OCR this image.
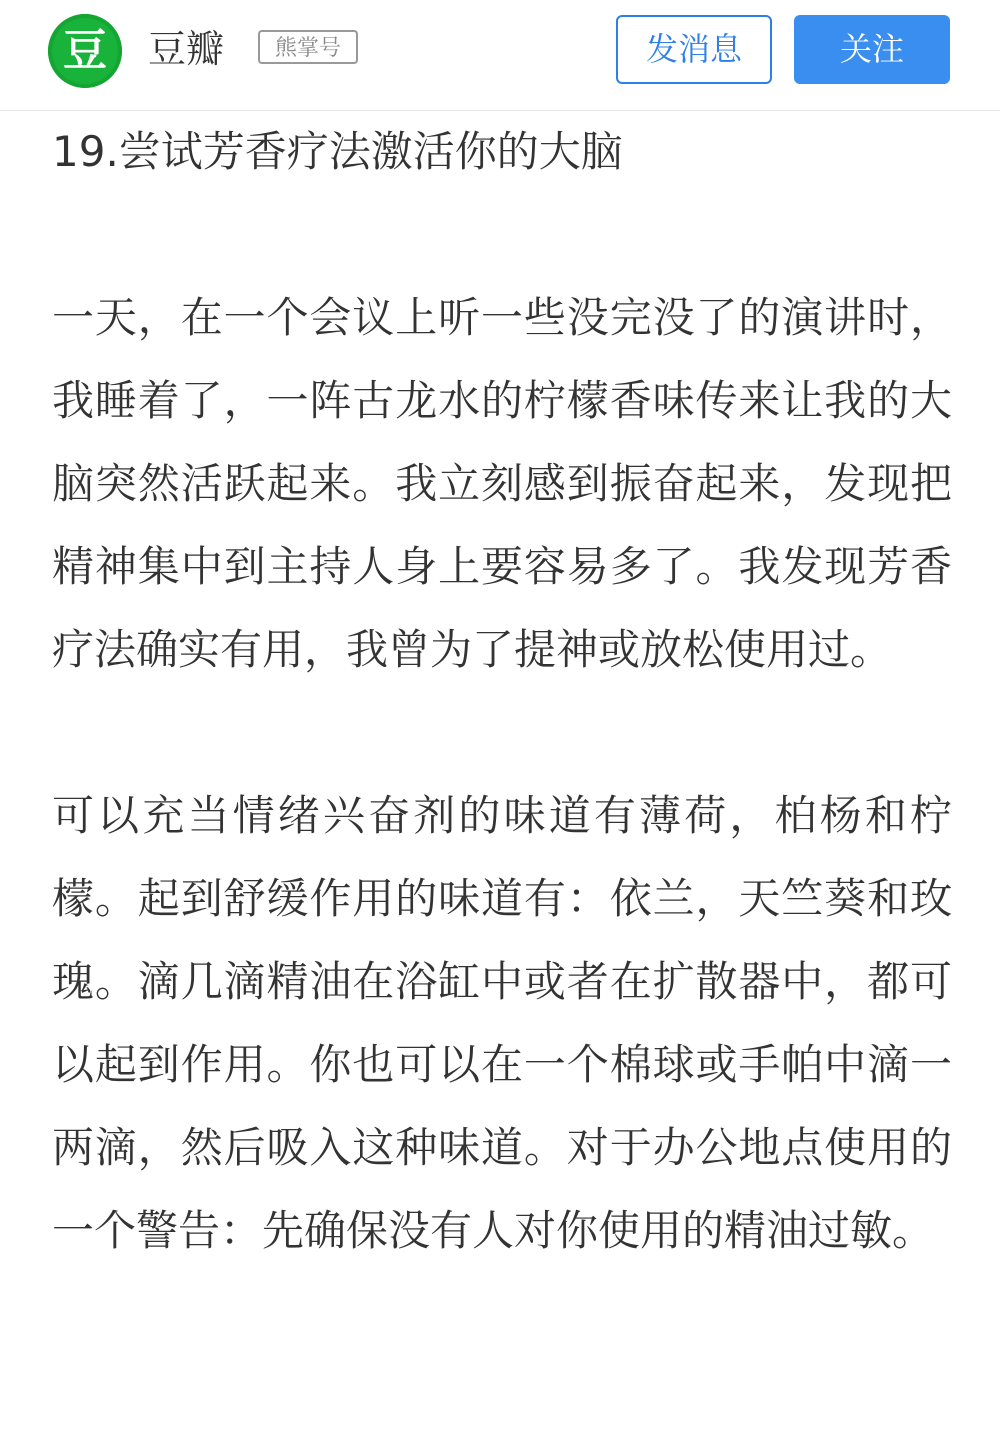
豆	豆瓣	熊掌号	发消息	关注
19.尝试芳香疗法激活你的大脑

一天，在一个会议上听一些没完没了的演讲时，我睡着了，一阵古龙水的柠檬香味传来让我的大脑突然活跃起来。我立刻感到振奋起来，发现把精神集中到主持人身上要容易多了。我发现芳香疗法确实有用，我曾为了提神或放松使用过。

可以充当情绪兴奋剂的味道有薄荷，柏杨和柠檬。起到舒缓作用的味道有：依兰，天竺葵和玫瑰。滴几滴精油在浴缸中或者在扩散器中，都可以起到作用。你也可以在一个棉球或手帕中滴一两滴，然后吸入这种味道。对于办公地点使用的一个警告：先确保没有人对你使用的精油过敏。
